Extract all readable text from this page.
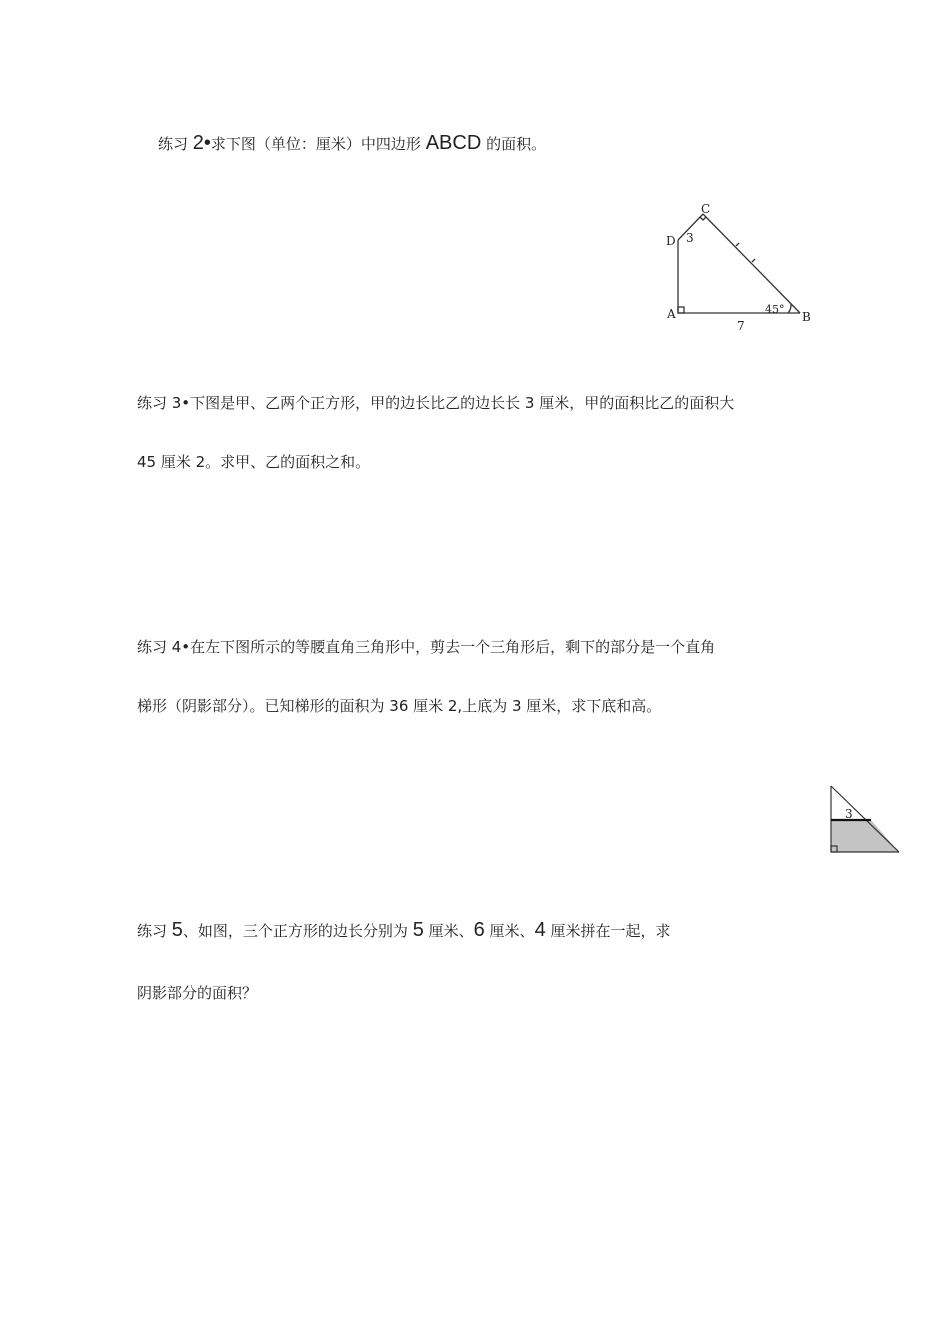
练习 2•求下图（单位：厘米）中四边形 ABCD 的面积。
A	B
C
D 3
7
45°
练习 3•下图是甲、乙两个正方形，甲的边长比乙的边长长 3 厘米，甲的面积比乙的面积大
45 厘米 2。求甲、乙的面积之和。
练习 4•在左下图所示的等腰直角三角形中，剪去一个三角形后，剩下的部分是一个直角
梯形（阴影部分）。已知梯形的面积为 36 厘米 2,上底为 3 厘米，求下底和高。
3
练习 5、如图，三个正方形的边长分别为 5 厘米、6 厘米、4 厘米拼在一起，求
阴影部分的面积？
